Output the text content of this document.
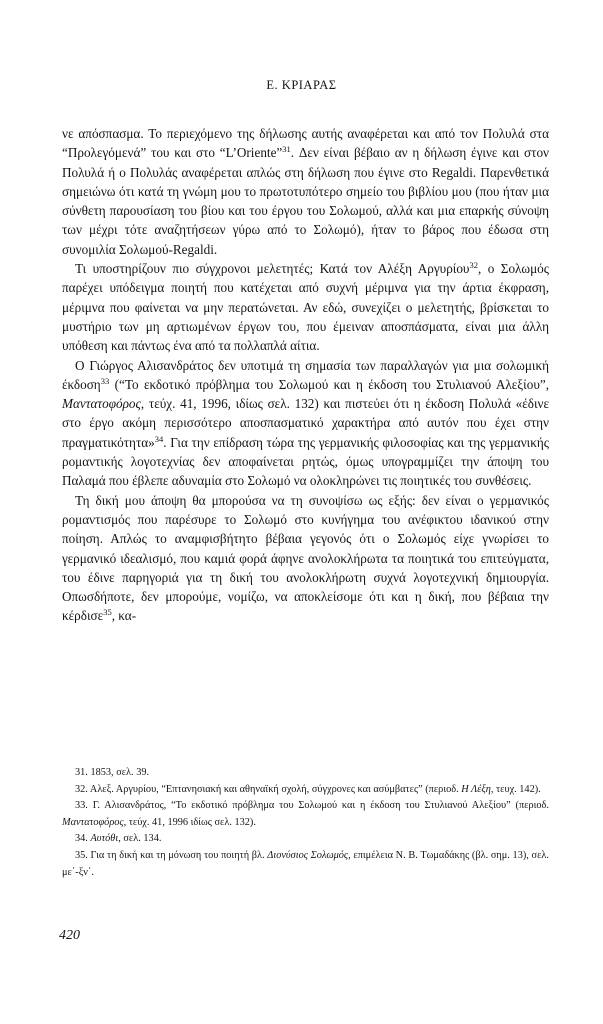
Ε. ΚΡΙΑΡΑΣ

νε απόσπασμα. Το περιεχόμενο της δήλωσης αυτής αναφέρεται και από τον Πολυλά στα “Προλεγόμενά” του και στο “L’Oriente”$^{31}$. Δεν είναι βέβαιο αν η δήλωση έγινε και στον Πολυλά ή ο Πολυλάς αναφέρεται απλώς στη δήλωση που έγινε στο Regaldi. Παρενθετικά σημειώνω ότι κατά τη γνώμη μου το πρωτοτυπότερο σημείο του βιβλίου μου (που ήταν μια σύνθετη παρουσίαση του βίου και του έργου του Σολωμού, αλλά και μια επαρκής σύνοψη των μέχρι τότε αναζητήσεων γύρω από το Σολωμό), ήταν το βάρος που έδωσα στη συνομιλία Σολωμού-Regaldi.

Τι υποστηρίζουν πιο σύγχρονοι μελετητές; Κατά τον Αλέξη Αργυρίου$^{32}$, ο Σολωμός παρέχει υπόδειγμα ποιητή που κατέχεται από συχνή μέριμνα για την άρτια έκφραση, μέριμνα που φαίνεται να μην περατώνεται. Αν εδώ, συνεχίζει ο μελετητής, βρίσκεται το μυστήριο των μη αρτιωμένων έργων του, που έμειναν αποσπάσματα, είναι μια άλλη υπόθεση και πάντως ένα από τα πολλαπλά αίτια.

Ο Γιώργος Αλισανδράτος δεν υποτιμά τη σημασία των παραλλαγών για μια σολωμική έκδοση$^{33}$ (“Το εκδοτικό πρόβλημα του Σολωμού και η έκδοση του Στυλιανού Αλεξίου”, Μαντατοφόρος, τεύχ. 41, 1996, ιδίως σελ. 132) και πιστεύει ότι η έκδοση Πολυλά «έδινε στο έργο ακόμη περισσότερο αποσπασματικό χαρακτήρα από αυτόν που έχει στην πραγματικότητα»$^{34}$. Για την επίδραση τώρα της γερμανικής φιλοσοφίας και της γερμανικής ρομαντικής λογοτεχνίας δεν αποφαίνεται ρητώς, όμως υπογραμμίζει την άποψη του Παλαμά που έβλεπε αδυναμία στο Σολωμό να ολοκληρώνει τις ποιητικές του συνθέσεις.

Τη δική μου άποψη θα μπορούσα να τη συνοψίσω ως εξής: δεν είναι ο γερμανικός ρομαντισμός που παρέσυρε το Σολωμό στο κυνήγημα του ανέφικτου ιδανικού στην ποίηση. Απλώς το αναμφισβήτητο βέβαια γεγονός ότι ο Σολωμός είχε γνωρίσει το γερμανικό ιδεαλισμό, που καμιά φορά άφηνε ανολοκλήρωτα τα ποιητικά του επιτεύγματα, του έδινε παρηγοριά για τη δική του ανολοκλήρωτη συχνά λογοτεχνική δημιουργία. Οπωσδήποτε, δεν μπορούμε, νομίζω, να αποκλείσομε ότι και η δική, που βέβαια την κέρδισε$^{35}$, κα-

31. 1853, σελ. 39.

32. Αλεξ. Αργυρίου, “Επτανησιακή και αθηναϊκή σχολή, σύγχρονες και ασύμβατες” (περιοδ. Η Λέξη, τευχ. 142).

33. Γ. Αλισανδράτος, “Το εκδοτικό πρόβλημα του Σολωμού και η έκδοση του Στυλιανού Αλεξίου” (περιοδ. Μαντατοφόρος, τεύχ. 41, 1996 ιδίως σελ. 132).

34. Αυτόθι, σελ. 134.

35. Για τη δική και τη μόνωση του ποιητή βλ. Διονύσιος Σολωμός, επιμέλεια Ν. Β. Τωμαδάκης (βλ. σημ. 13), σελ. με΄-ξν΄.

420
